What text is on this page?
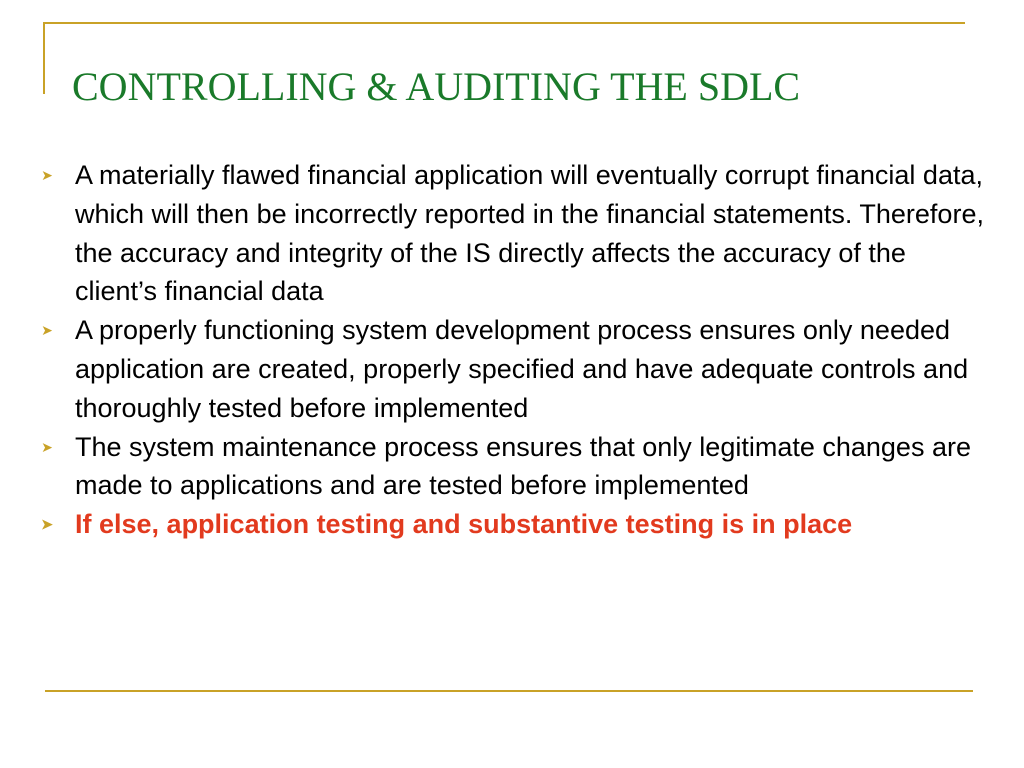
CONTROLLING & AUDITING THE SDLC
➤ A materially flawed financial application will eventually corrupt financial data, which will then be incorrectly reported in the financial statements. Therefore, the accuracy and integrity of the IS directly affects the accuracy of the client’s financial data
➤ A properly functioning system development process ensures only needed application are created, properly specified and have adequate controls and thoroughly tested before implemented
➤ The system maintenance process ensures that only legitimate changes are made to applications and are tested before implemented
➤ If else, application testing and substantive testing is in place
